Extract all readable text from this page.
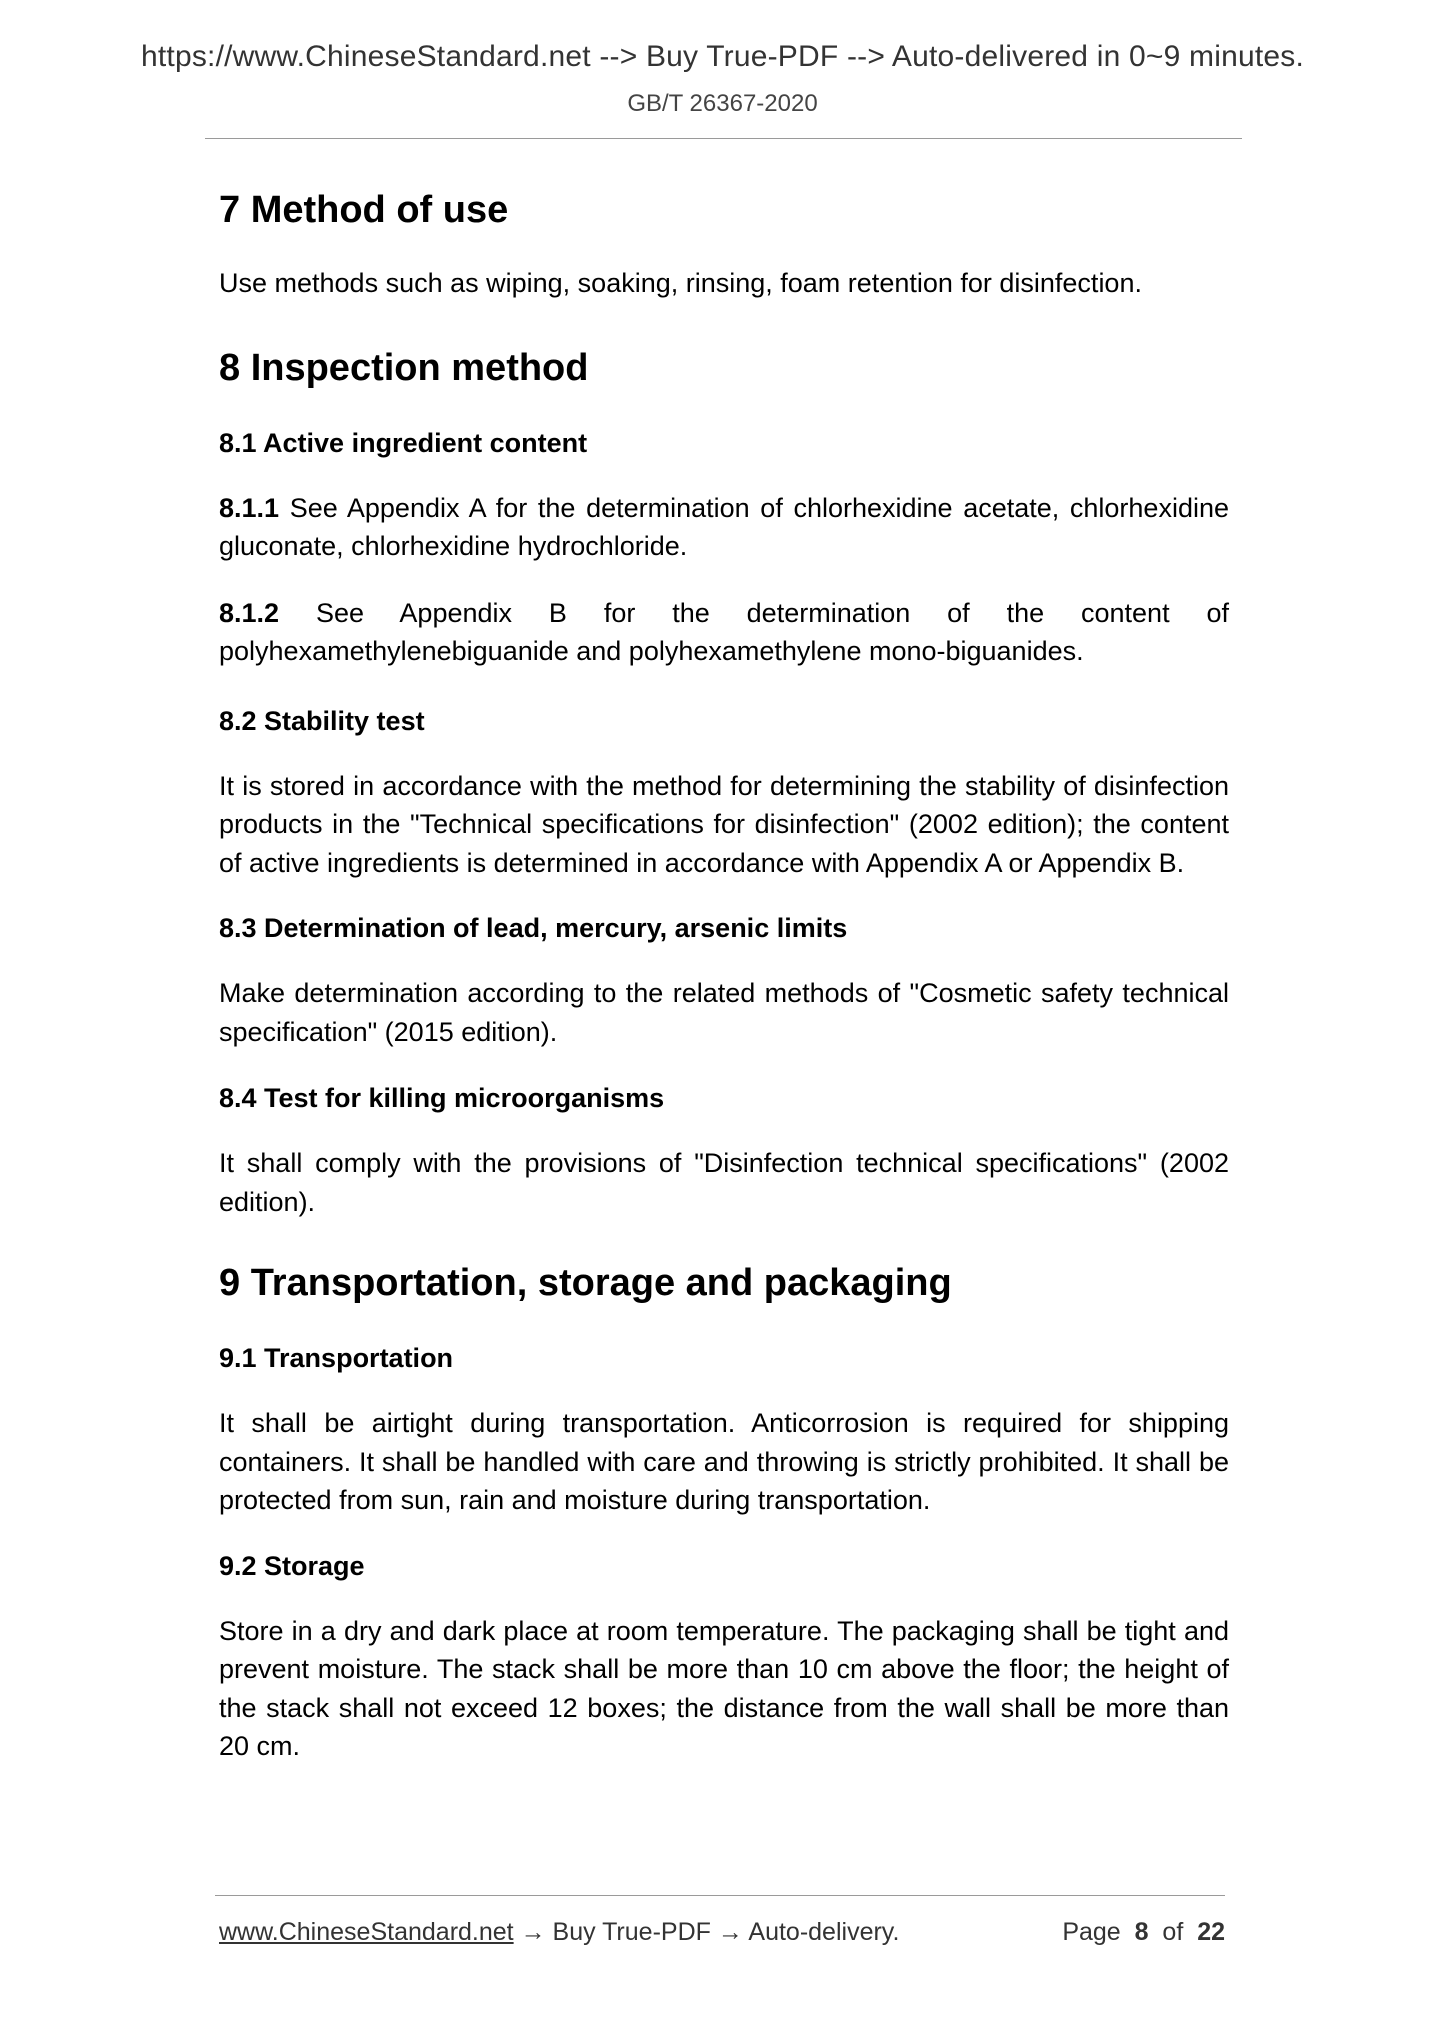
https://www.ChineseStandard.net --> Buy True-PDF --> Auto-delivered in 0~9 minutes.
GB/T 26367-2020
7 Method of use
Use methods such as wiping, soaking, rinsing, foam retention for disinfection.
8 Inspection method
8.1 Active ingredient content
8.1.1 See Appendix A for the determination of chlorhexidine acetate, chlorhexidine gluconate, chlorhexidine hydrochloride.
8.1.2 See Appendix B for the determination of the content of polyhexamethylenebiguanide and polyhexamethylene mono-biguanides.
8.2 Stability test
It is stored in accordance with the method for determining the stability of disinfection products in the "Technical specifications for disinfection" (2002 edition); the content of active ingredients is determined in accordance with Appendix A or Appendix B.
8.3 Determination of lead, mercury, arsenic limits
Make determination according to the related methods of "Cosmetic safety technical specification" (2015 edition).
8.4 Test for killing microorganisms
It shall comply with the provisions of "Disinfection technical specifications" (2002 edition).
9 Transportation, storage and packaging
9.1 Transportation
It shall be airtight during transportation. Anticorrosion is required for shipping containers. It shall be handled with care and throwing is strictly prohibited. It shall be protected from sun, rain and moisture during transportation.
9.2 Storage
Store in a dry and dark place at room temperature. The packaging shall be tight and prevent moisture. The stack shall be more than 10 cm above the floor; the height of the stack shall not exceed 12 boxes; the distance from the wall shall be more than 20 cm.
www.ChineseStandard.net → Buy True-PDF → Auto-delivery.	Page 8 of 22
